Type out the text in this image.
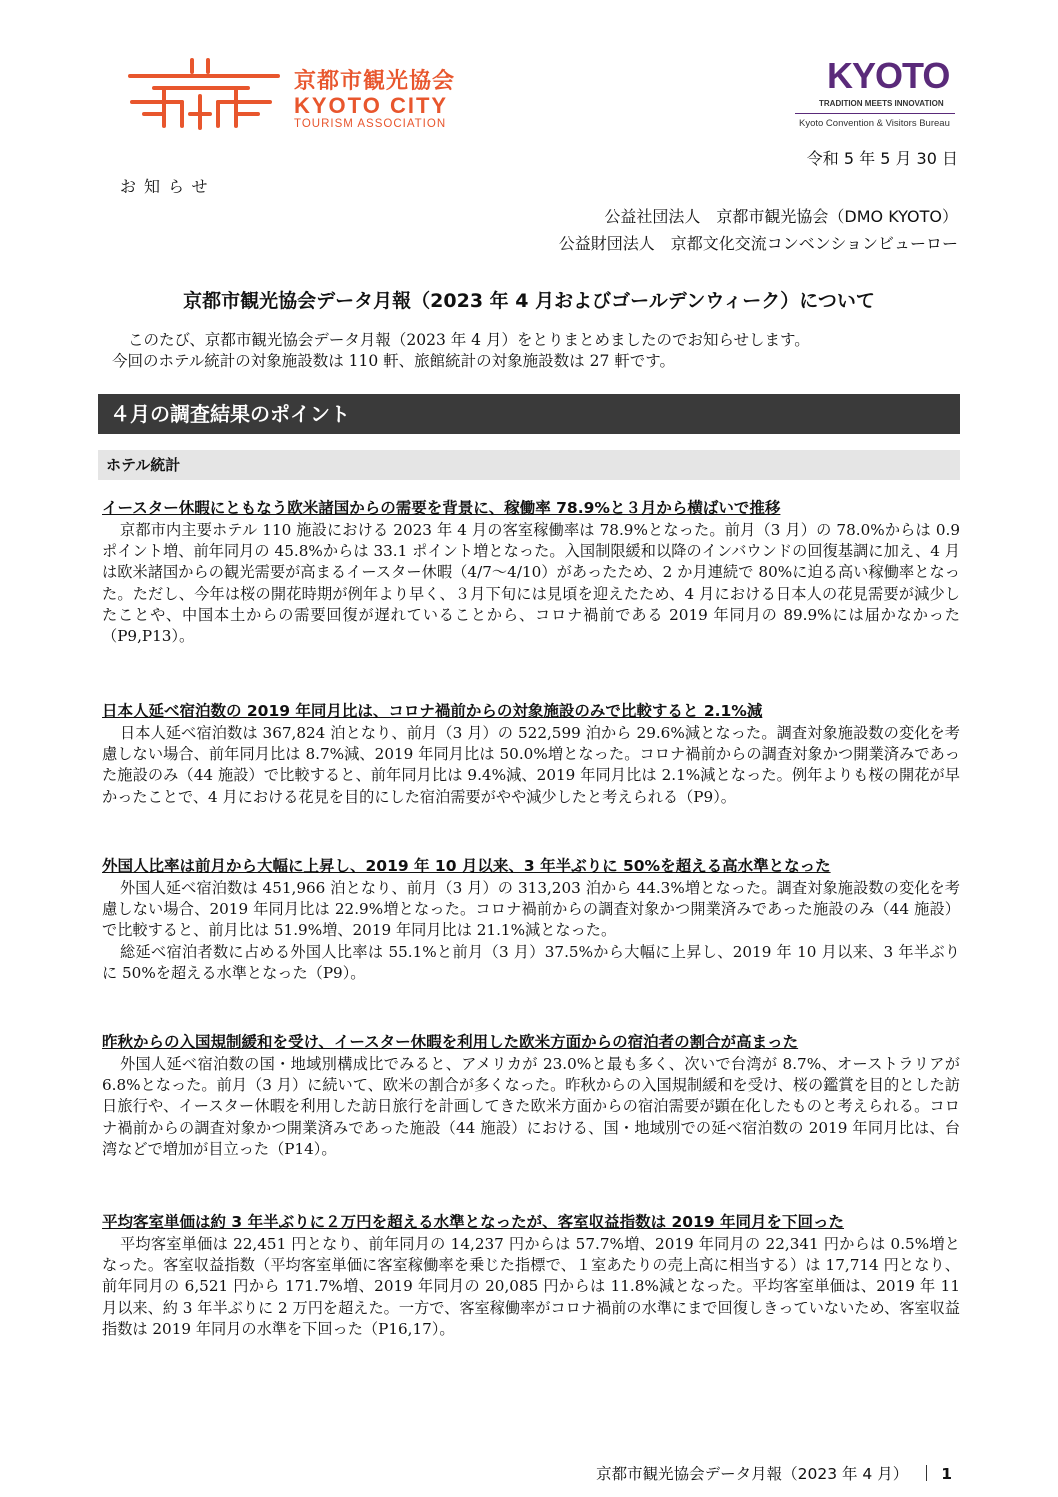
京都市観光協会
KYOTO CITY
TOURISM ASSOCIATION
KYOTO
TRADITION MEETS INNOVATION
Kyoto Convention & Visitors Bureau
令和 5 年 5 月 30 日
お知らせ
公益社団法人　京都市観光協会（DMO KYOTO）
公益財団法人　京都文化交流コンベンションビューロー
京都市観光協会データ月報（2023 年 4 月およびゴールデンウィーク）について

このたび、京都市観光協会データ月報（2023 年 4 月）をとりまとめましたのでお知らせします。

今回のホテル統計の対象施設数は 110 軒、旅館統計の対象施設数は 27 軒です。

４月の調査結果のポイント
ホテル統計
イースター休暇にともなう欧米諸国からの需要を背景に、稼働率 78.9%と３月から横ばいで推移

京都市内主要ホテル 110 施設における 2023 年 4 月の客室稼働率は 78.9%となった。前月（3 月）の 78.0%からは 0.9 ポイント増、前年同月の 45.8%からは 33.1 ポイント増となった。入国制限緩和以降のインバウンドの回復基調に加え、4 月は欧米諸国からの観光需要が高まるイースター休暇（4/7〜4/10）があったため、2 か月連続で 80%に迫る高い稼働率となった。ただし、今年は桜の開花時期が例年より早く、３月下旬には見頃を迎えたため、4 月における日本人の花見需要が減少したことや、中国本土からの需要回復が遅れていることから、コロナ禍前である 2019 年同月の 89.9%には届かなかった（P9,P13）。

日本人延べ宿泊数の 2019 年同月比は、コロナ禍前からの対象施設のみで比較すると 2.1%減

日本人延べ宿泊数は 367,824 泊となり、前月（3 月）の 522,599 泊から 29.6%減となった。調査対象施設数の変化を考慮しない場合、前年同月比は 8.7%減、2019 年同月比は 50.0%増となった。コロナ禍前からの調査対象かつ開業済みであった施設のみ（44 施設）で比較すると、前年同月比は 9.4%減、2019 年同月比は 2.1%減となった。例年よりも桜の開花が早かったことで、4 月における花見を目的にした宿泊需要がやや減少したと考えられる（P9）。

外国人比率は前月から大幅に上昇し、2019 年 10 月以来、3 年半ぶりに 50%を超える高水準となった

外国人延べ宿泊数は 451,966 泊となり、前月（3 月）の 313,203 泊から 44.3%増となった。調査対象施設数の変化を考慮しない場合、2019 年同月比は 22.9%増となった。コロナ禍前からの調査対象かつ開業済みであった施設のみ（44 施設）で比較すると、前月比は 51.9%増、2019 年同月比は 21.1%減となった。

総延べ宿泊者数に占める外国人比率は 55.1%と前月（3 月）37.5%から大幅に上昇し、2019 年 10 月以来、3 年半ぶりに 50%を超える水準となった（P9）。

昨秋からの入国規制緩和を受け、イースター休暇を利用した欧米方面からの宿泊者の割合が高まった

外国人延べ宿泊数の国・地域別構成比でみると、アメリカが 23.0%と最も多く、次いで台湾が 8.7%、オーストラリアが 6.8%となった。前月（3 月）に続いて、欧米の割合が多くなった。昨秋からの入国規制緩和を受け、桜の鑑賞を目的とした訪日旅行や、イースター休暇を利用した訪日旅行を計画してきた欧米方面からの宿泊需要が顕在化したものと考えられる。コロナ禍前からの調査対象かつ開業済みであった施設（44 施設）における、国・地域別での延べ宿泊数の 2019 年同月比は、台湾などで増加が目立った（P14）。

平均客室単価は約 3 年半ぶりに２万円を超える水準となったが、客室収益指数は 2019 年同月を下回った

平均客室単価は 22,451 円となり、前年同月の 14,237 円からは 57.7%増、2019 年同月の 22,341 円からは 0.5%増となった。客室収益指数（平均客室単価に客室稼働率を乗じた指標で、１室あたりの売上高に相当する）は 17,714 円となり、前年同月の 6,521 円から 171.7%増、2019 年同月の 20,085 円からは 11.8%減となった。平均客室単価は、2019 年 11 月以来、約 3 年半ぶりに 2 万円を超えた。一方で、客室稼働率がコロナ禍前の水準にまで回復しきっていないため、客室収益指数は 2019 年同月の水準を下回った（P16,17）。

京都市観光協会データ月報（2023 年 4 月） 1
